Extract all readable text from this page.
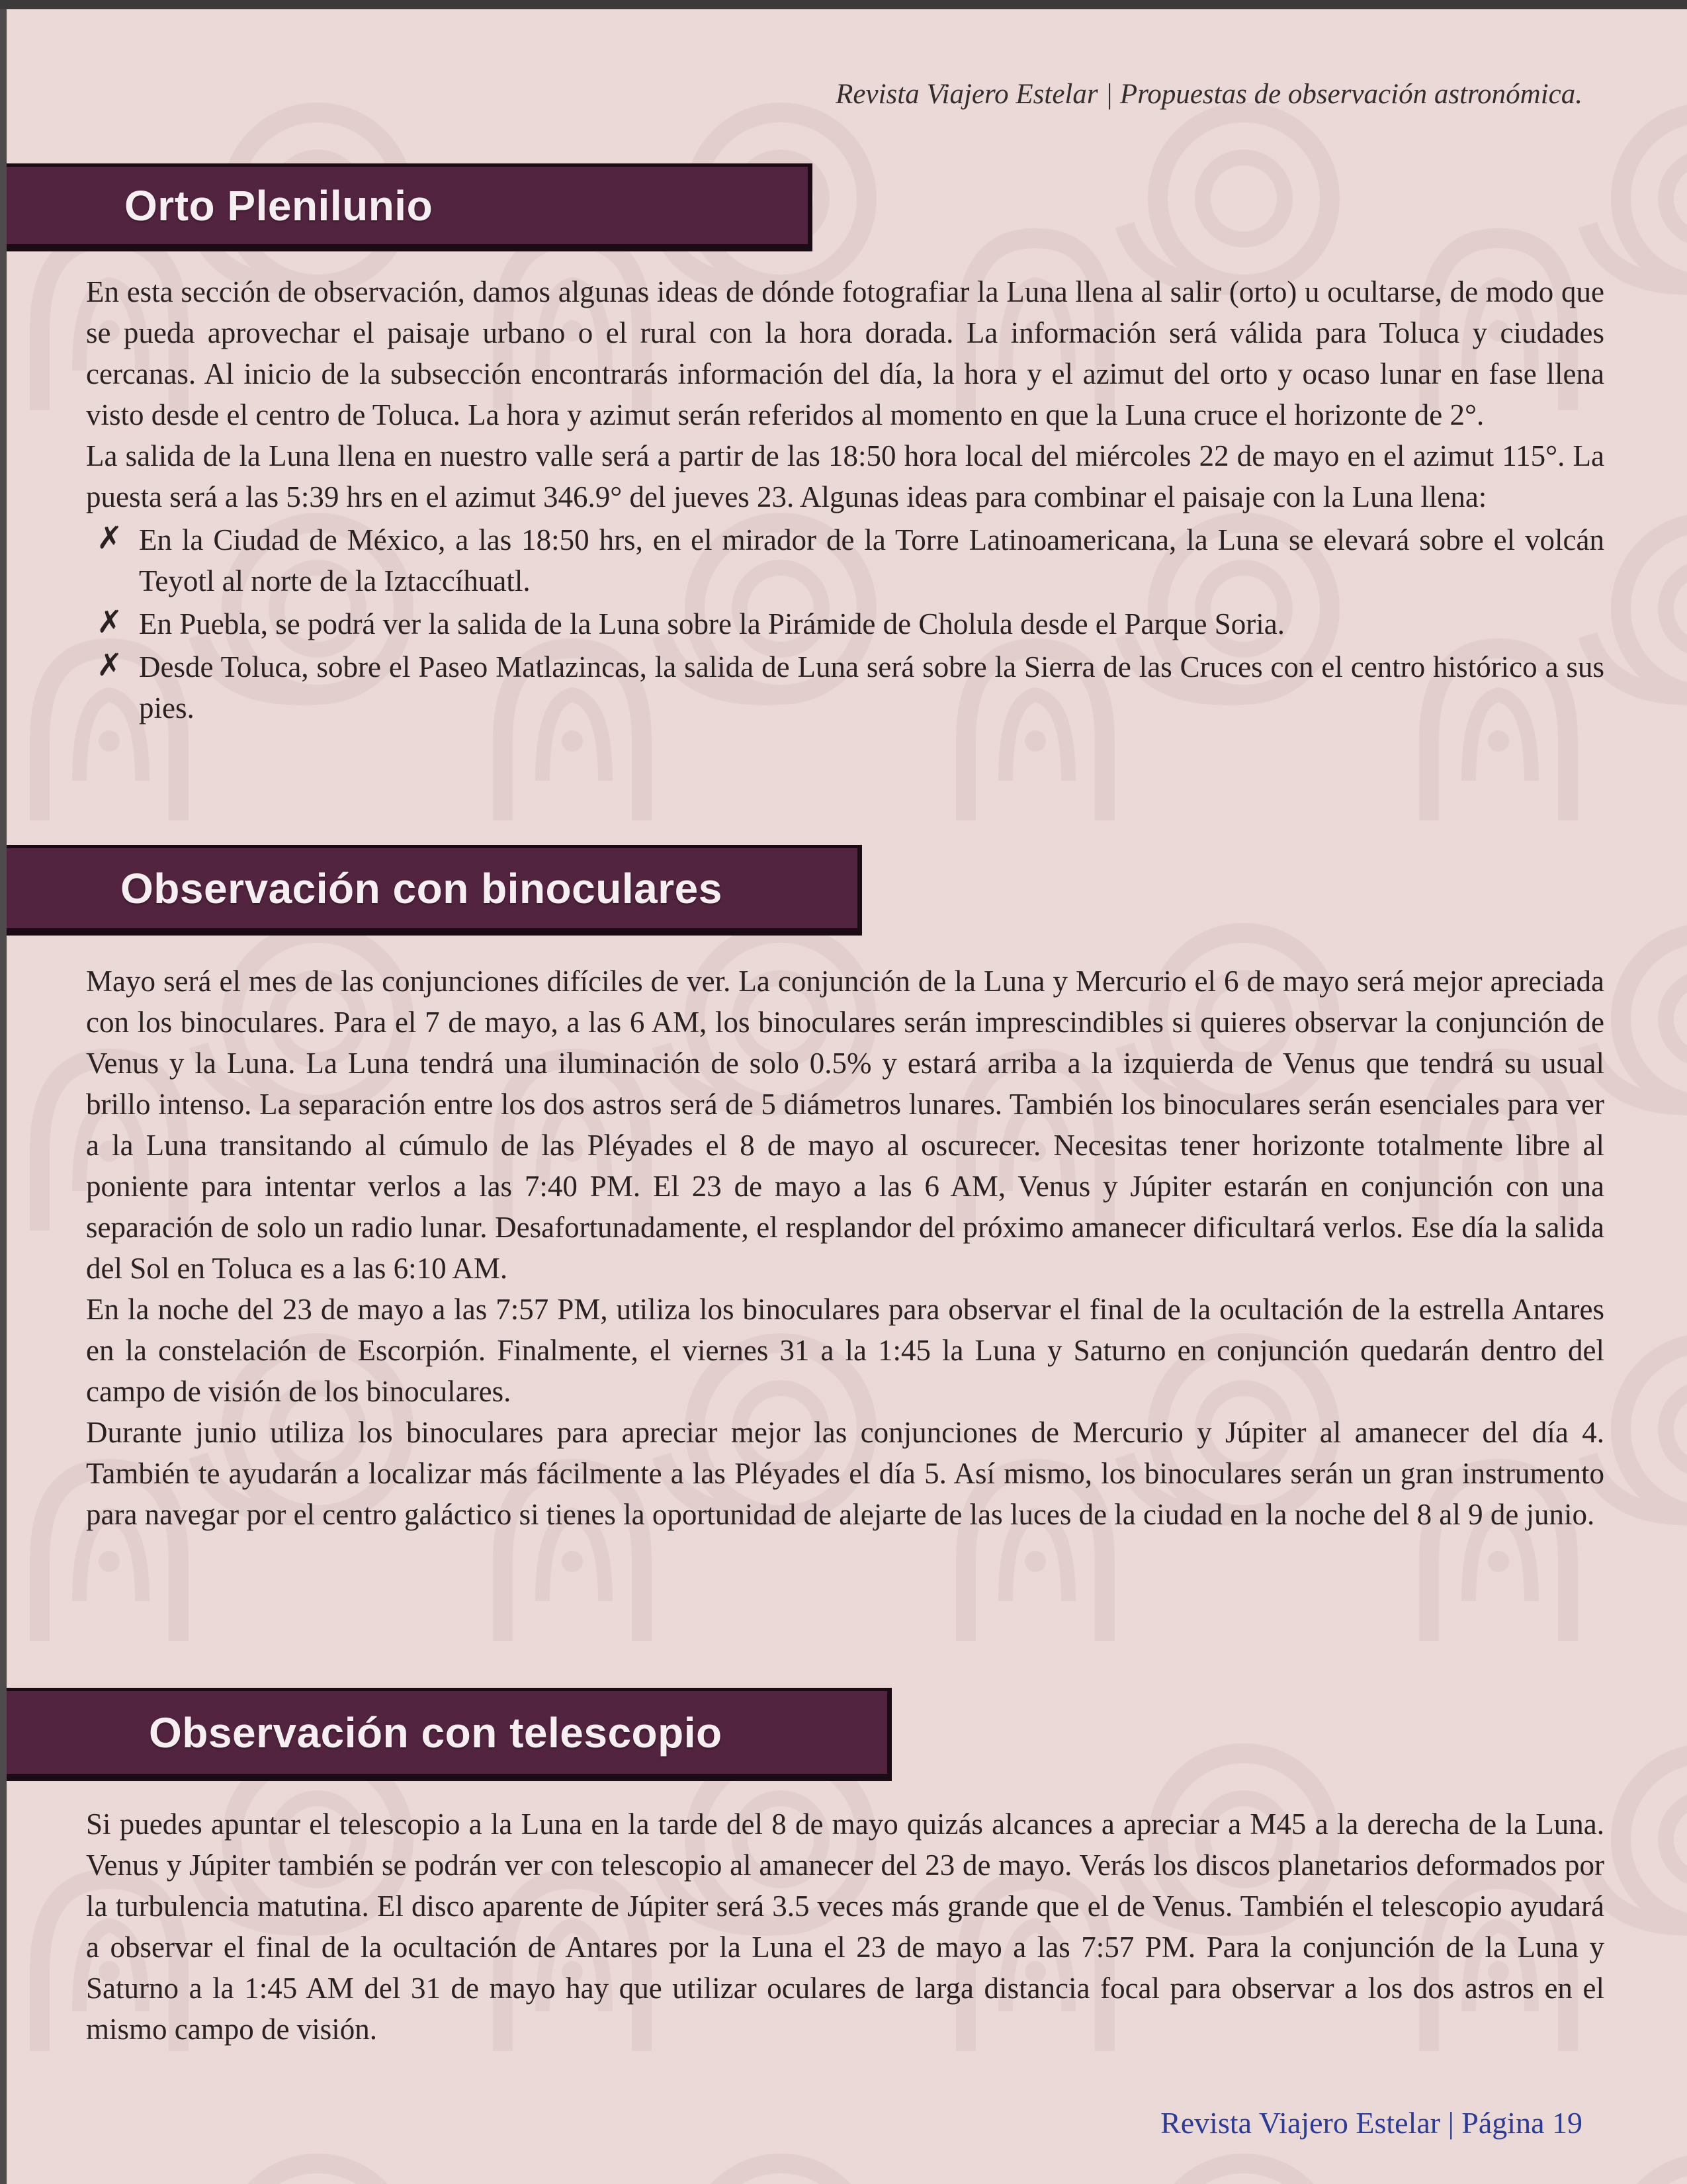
Revista Viajero Estelar | Propuestas de observación astronómica.
Orto Plenilunio

En esta sección de observación, damos algunas ideas de dónde fotografiar la Luna llena al salir (orto) u ocultarse, de modo que se pueda aprovechar el paisaje urbano o el rural con la hora dorada. La información será válida para Toluca y ciudades cercanas. Al inicio de la subsección encontrarás información del día, la hora y el azimut del orto y ocaso lunar en fase llena visto desde el centro de Toluca. La hora y azimut serán referidos al momento en que la Luna cruce el horizonte de 2°.

La salida de la Luna llena en nuestro valle será a partir de las 18:50 hora local del miércoles 22 de mayo en el azimut 115°. La puesta será a las 5:39 hrs en el azimut 346.9° del jueves 23. Algunas ideas para combinar el paisaje con la Luna llena:

✗ En la Ciudad de México, a las 18:50 hrs, en el mirador de la Torre Latinoamericana, la Luna se elevará sobre el volcán Teyotl al norte de la Iztaccíhuatl.
✗ En Puebla, se podrá ver la salida de la Luna sobre la Pirámide de Cholula desde el Parque Soria.
✗ Desde Toluca, sobre el Paseo Matlazincas, la salida de Luna será sobre la Sierra de las Cruces con el centro histórico a sus pies.
Observación con binoculares

Mayo será el mes de las conjunciones difíciles de ver. La conjunción de la Luna y Mercurio el 6 de mayo será mejor apreciada con los binoculares. Para el 7 de mayo, a las 6 AM, los binoculares serán imprescindibles si quieres observar la conjunción de Venus y la Luna. La Luna tendrá una iluminación de solo 0.5% y estará arriba a la izquierda de Venus que tendrá su usual brillo intenso. La separación entre los dos astros será de 5 diámetros lunares. También los binoculares serán esenciales para ver a la Luna transitando al cúmulo de las Pléyades el 8 de mayo al oscurecer. Necesitas tener horizonte totalmente libre al poniente para intentar verlos a las 7:40 PM. El 23 de mayo a las 6 AM, Venus y Júpiter estarán en conjunción con una separación de solo un radio lunar. Desafortunadamente, el resplandor del próximo amanecer dificultará verlos. Ese día la salida del Sol en Toluca es a las 6:10 AM.

En la noche del 23 de mayo a las 7:57 PM, utiliza los binoculares para observar el final de la ocultación de la estrella Antares en la constelación de Escorpión. Finalmente, el viernes 31 a la 1:45 la Luna y Saturno en conjunción quedarán dentro del campo de visión de los binoculares.

Durante junio utiliza los binoculares para apreciar mejor las conjunciones de Mercurio y Júpiter al amanecer del día 4. También te ayudarán a localizar más fácilmente a las Pléyades el día 5. Así mismo, los binoculares serán un gran instrumento para navegar por el centro galáctico si tienes la oportunidad de alejarte de las luces de la ciudad en la noche del 8 al 9 de junio.

Observación con telescopio

Si puedes apuntar el telescopio a la Luna en la tarde del 8 de mayo quizás alcances a apreciar a M45 a la derecha de la Luna. Venus y Júpiter también se podrán ver con telescopio al amanecer del 23 de mayo. Verás los discos planetarios deformados por la turbulencia matutina. El disco aparente de Júpiter será 3.5 veces más grande que el de Venus. También el telescopio ayudará a observar el final de la ocultación de Antares por la Luna el 23 de mayo a las 7:57 PM. Para la conjunción de la Luna y Saturno a la 1:45 AM del 31 de mayo hay que utilizar oculares de larga distancia focal para observar a los dos astros en el mismo campo de visión.

Revista Viajero Estelar | Página 19
